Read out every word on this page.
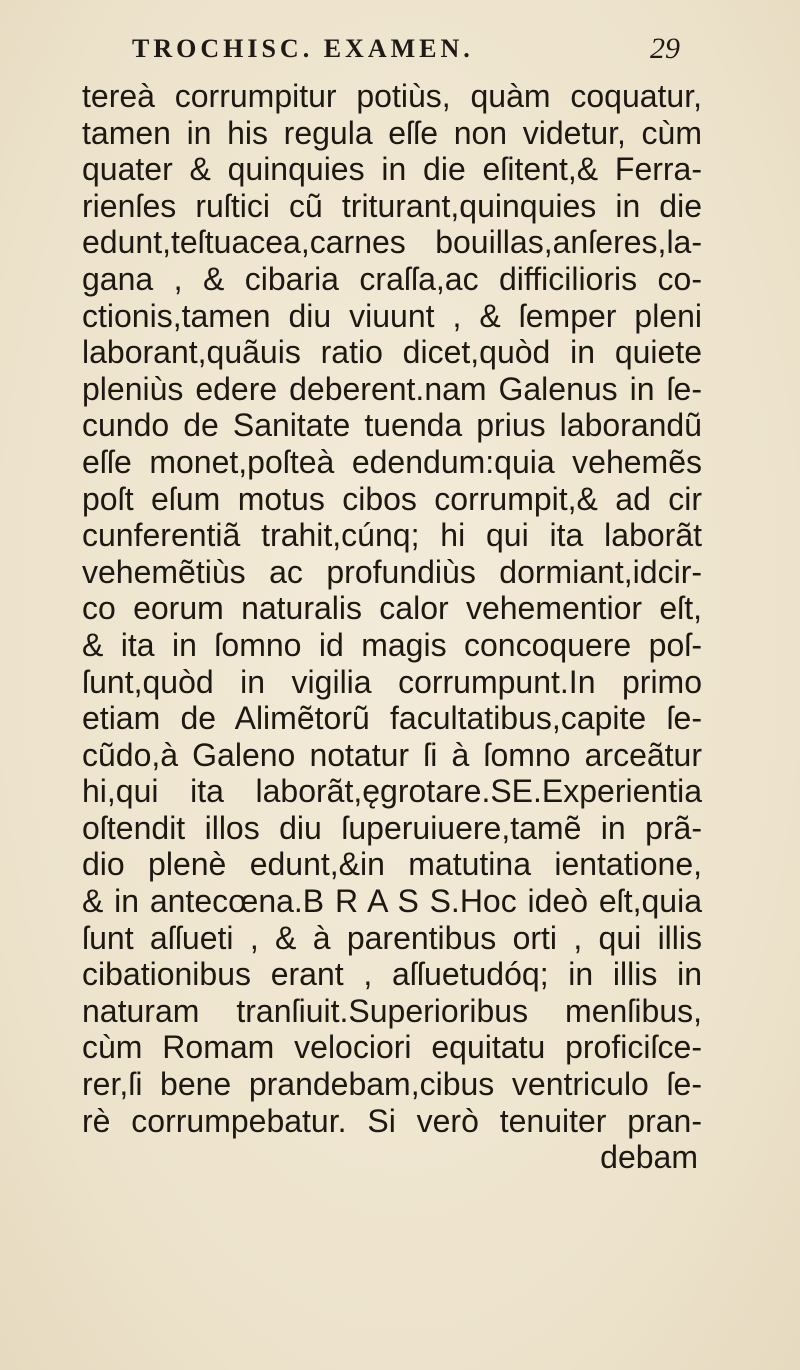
TROCHISC. EXAMEN.	29
tereà corrumpitur potiùs, quàm coquatur,
tamen in his regula eſſe non videtur, cùm
quater & quinquies in die eſitent,& Ferra-
rienſes ruſtici cũ triturant,quinquies in die
edunt,teſtuacea,carnes bouillas,anſeres,la-
gana , & cibaria craſſa,ac difficilioris co-
ctionis,tamen diu viuunt , & ſemper pleni
laborant,quãuis ratio dicet,quòd in quiete
pleniùs edere deberent.nam Galenus in ſe-
cundo de Sanitate tuenda prius laborandũ
eſſe monet,poſteà edendum:quia vehemẽs
poſt eſum motus cibos corrumpit,& ad cir
cunferentiã trahit,cúnq; hi qui ita laborãt
vehemẽtiùs ac profundiùs dormiant,idcir-
co eorum naturalis calor vehementior eſt,
& ita in ſomno id magis concoquere poſ-
ſunt,quòd in vigilia corrumpunt.In primo
etiam de Alimẽtorũ facultatibus,capite ſe-
cũdo,à Galeno notatur ſi à ſomno arceãtur
hi,qui ita laborãt,ęgrotare.SE.Experientia
oſtendit illos diu ſuperuiuere,tamẽ in prã-
dio plenè edunt,&in matutina ientatione,
& in antecœna.B R A S S.Hoc ideò eſt,quia
ſunt aſſueti , & à parentibus orti , qui illis
cibationibus erant , aſſuetudóq; in illis in
naturam tranſiuit.Superioribus menſibus,
cùm Romam velociori equitatu proficiſce-
rer,ſi bene prandebam,cibus ventriculo ſe-
rè corrumpebatur. Si verò tenuiter pran-
debam
